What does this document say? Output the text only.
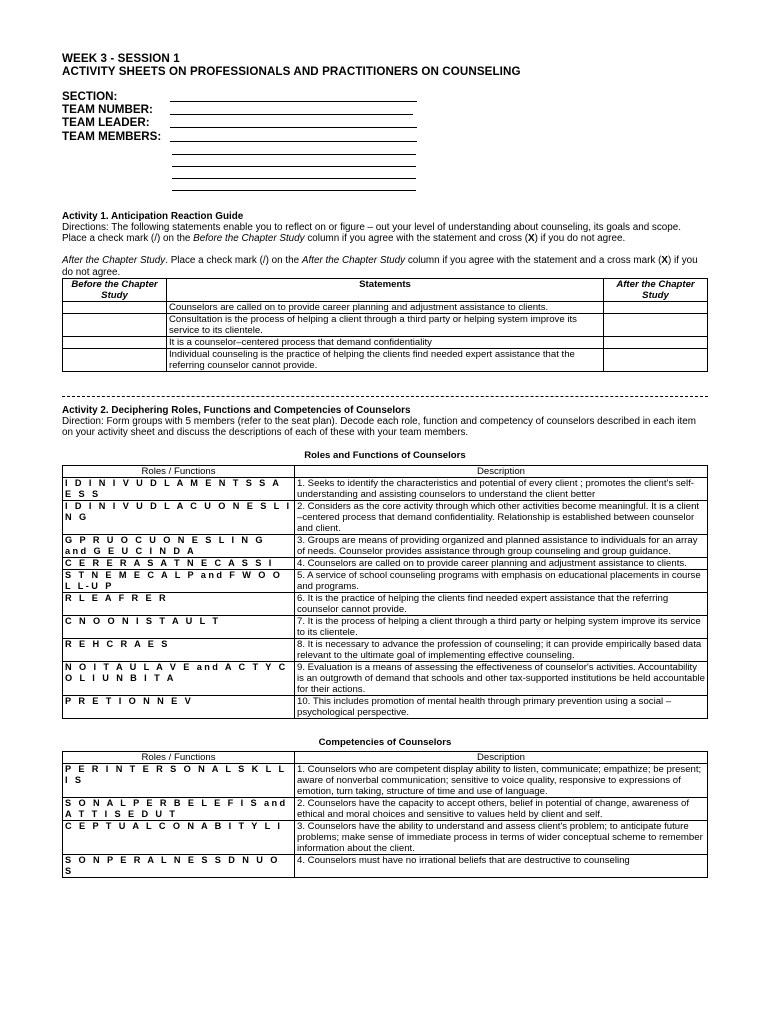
WEEK 3 - SESSION 1
ACTIVITY SHEETS ON PROFESSIONALS AND PRACTITIONERS ON COUNSELING
SECTION:
TEAM NUMBER:
TEAM LEADER:
TEAM MEMBERS:
Activity 1. Anticipation Reaction Guide
Directions: The following statements enable you to reflect on or figure – out your level of understanding about counseling, its goals and scope. Place a check mark (/) on the Before the Chapter Study column if you agree with the statement and cross (X) if you do not agree.
After the Chapter Study. Place a check mark (/) on the After the Chapter Study column if you agree with the statement and a cross mark (X) if you do not agree.
Before the Chapter Study	Statements	After the Chapter Study
	Counselors are called on to provide career planning and adjustment assistance to clients.	
	Consultation is the process of helping a client through a third party or helping system improve its service to its clientele.	
	It is a counselor–centered process that demand confidentiality	
	Individual counseling is the practice of helping the clients find needed expert assistance that the referring counselor cannot provide.	
Activity 2. Deciphering Roles, Functions and Competencies of Counselors
Direction: Form groups with 5 members (refer to the seat plan). Decode each role, function and competency of counselors described in each item on your activity sheet and discuss the descriptions of each of these with your team members.
Roles and Functions of Counselors
Roles / Functions	Description
I D I N I V U D L A M E N T S S A E S S	1. Seeks to identify the characteristics and potential of every client ; promotes the client's self-understanding and assisting counselors to understand the client better
I D I N I V U D L A C U O N E S L I N G	2. Considers as the core activity through which other activities become meaningful. It is a client –centered process that demand confidentiality. Relationship is established between counselor and client.
G P R U O C U O N E S L I N G and G E U C I N D A	3. Groups are means of providing organized and planned assistance to individuals for an array of needs. Counselor provides assistance through group counseling and group guidance.
C E R E R A S A T N E C A S S I	4. Counselors are called on to provide career planning and adjustment assistance to clients.
S T N E M E C A L P and F W O O L L-U P	5. A service of school counseling programs with emphasis on educational placements in course and programs.
R L E A F R E R	6. It is the practice of helping the clients find needed expert assistance that the referring counselor cannot provide.
C N O O N I S T A U L T	7. It is the process of helping a client through a third party or helping system improve its service to its clientele.
R E H C R A E S	8. It is necessary to advance the profession of counseling; it can provide empirically based data relevant to the ultimate goal of implementing effective counseling.
N O I T A U L A V E and A C T Y C O L I U N B I T A	9. Evaluation is a means of assessing the effectiveness of counselor's activities. Accountability is an outgrowth of demand that schools and other tax-supported institutions be held accountable for their actions.
P R E T I O N N E V	10. This includes promotion of mental health through primary prevention using a social – psychological perspective.
Competencies of Counselors
Roles / Functions	Description
P E R I N T E R S O N A L S K L L I S	1. Counselors who are competent display ability to listen, communicate; empathize; be present; aware of nonverbal communication; sensitive to voice quality, responsive to expressions of emotion, turn taking, structure of time and use of language.
S O N A L P E R B E L E F I S and A T T I S E D U T	2. Counselors have the capacity to accept others, belief in potential of change, awareness of ethical and moral choices and sensitive to values held by client and self.
C E P T U A L C O N A B I T Y L I	3. Counselors have the ability to understand and assess client's problem; to anticipate future problems; make sense of immediate process in terms of wider conceptual scheme to remember information about the client.
S O N P E R A L N E S S D N U O S	4. Counselors must have no irrational beliefs that are destructive to counseling
